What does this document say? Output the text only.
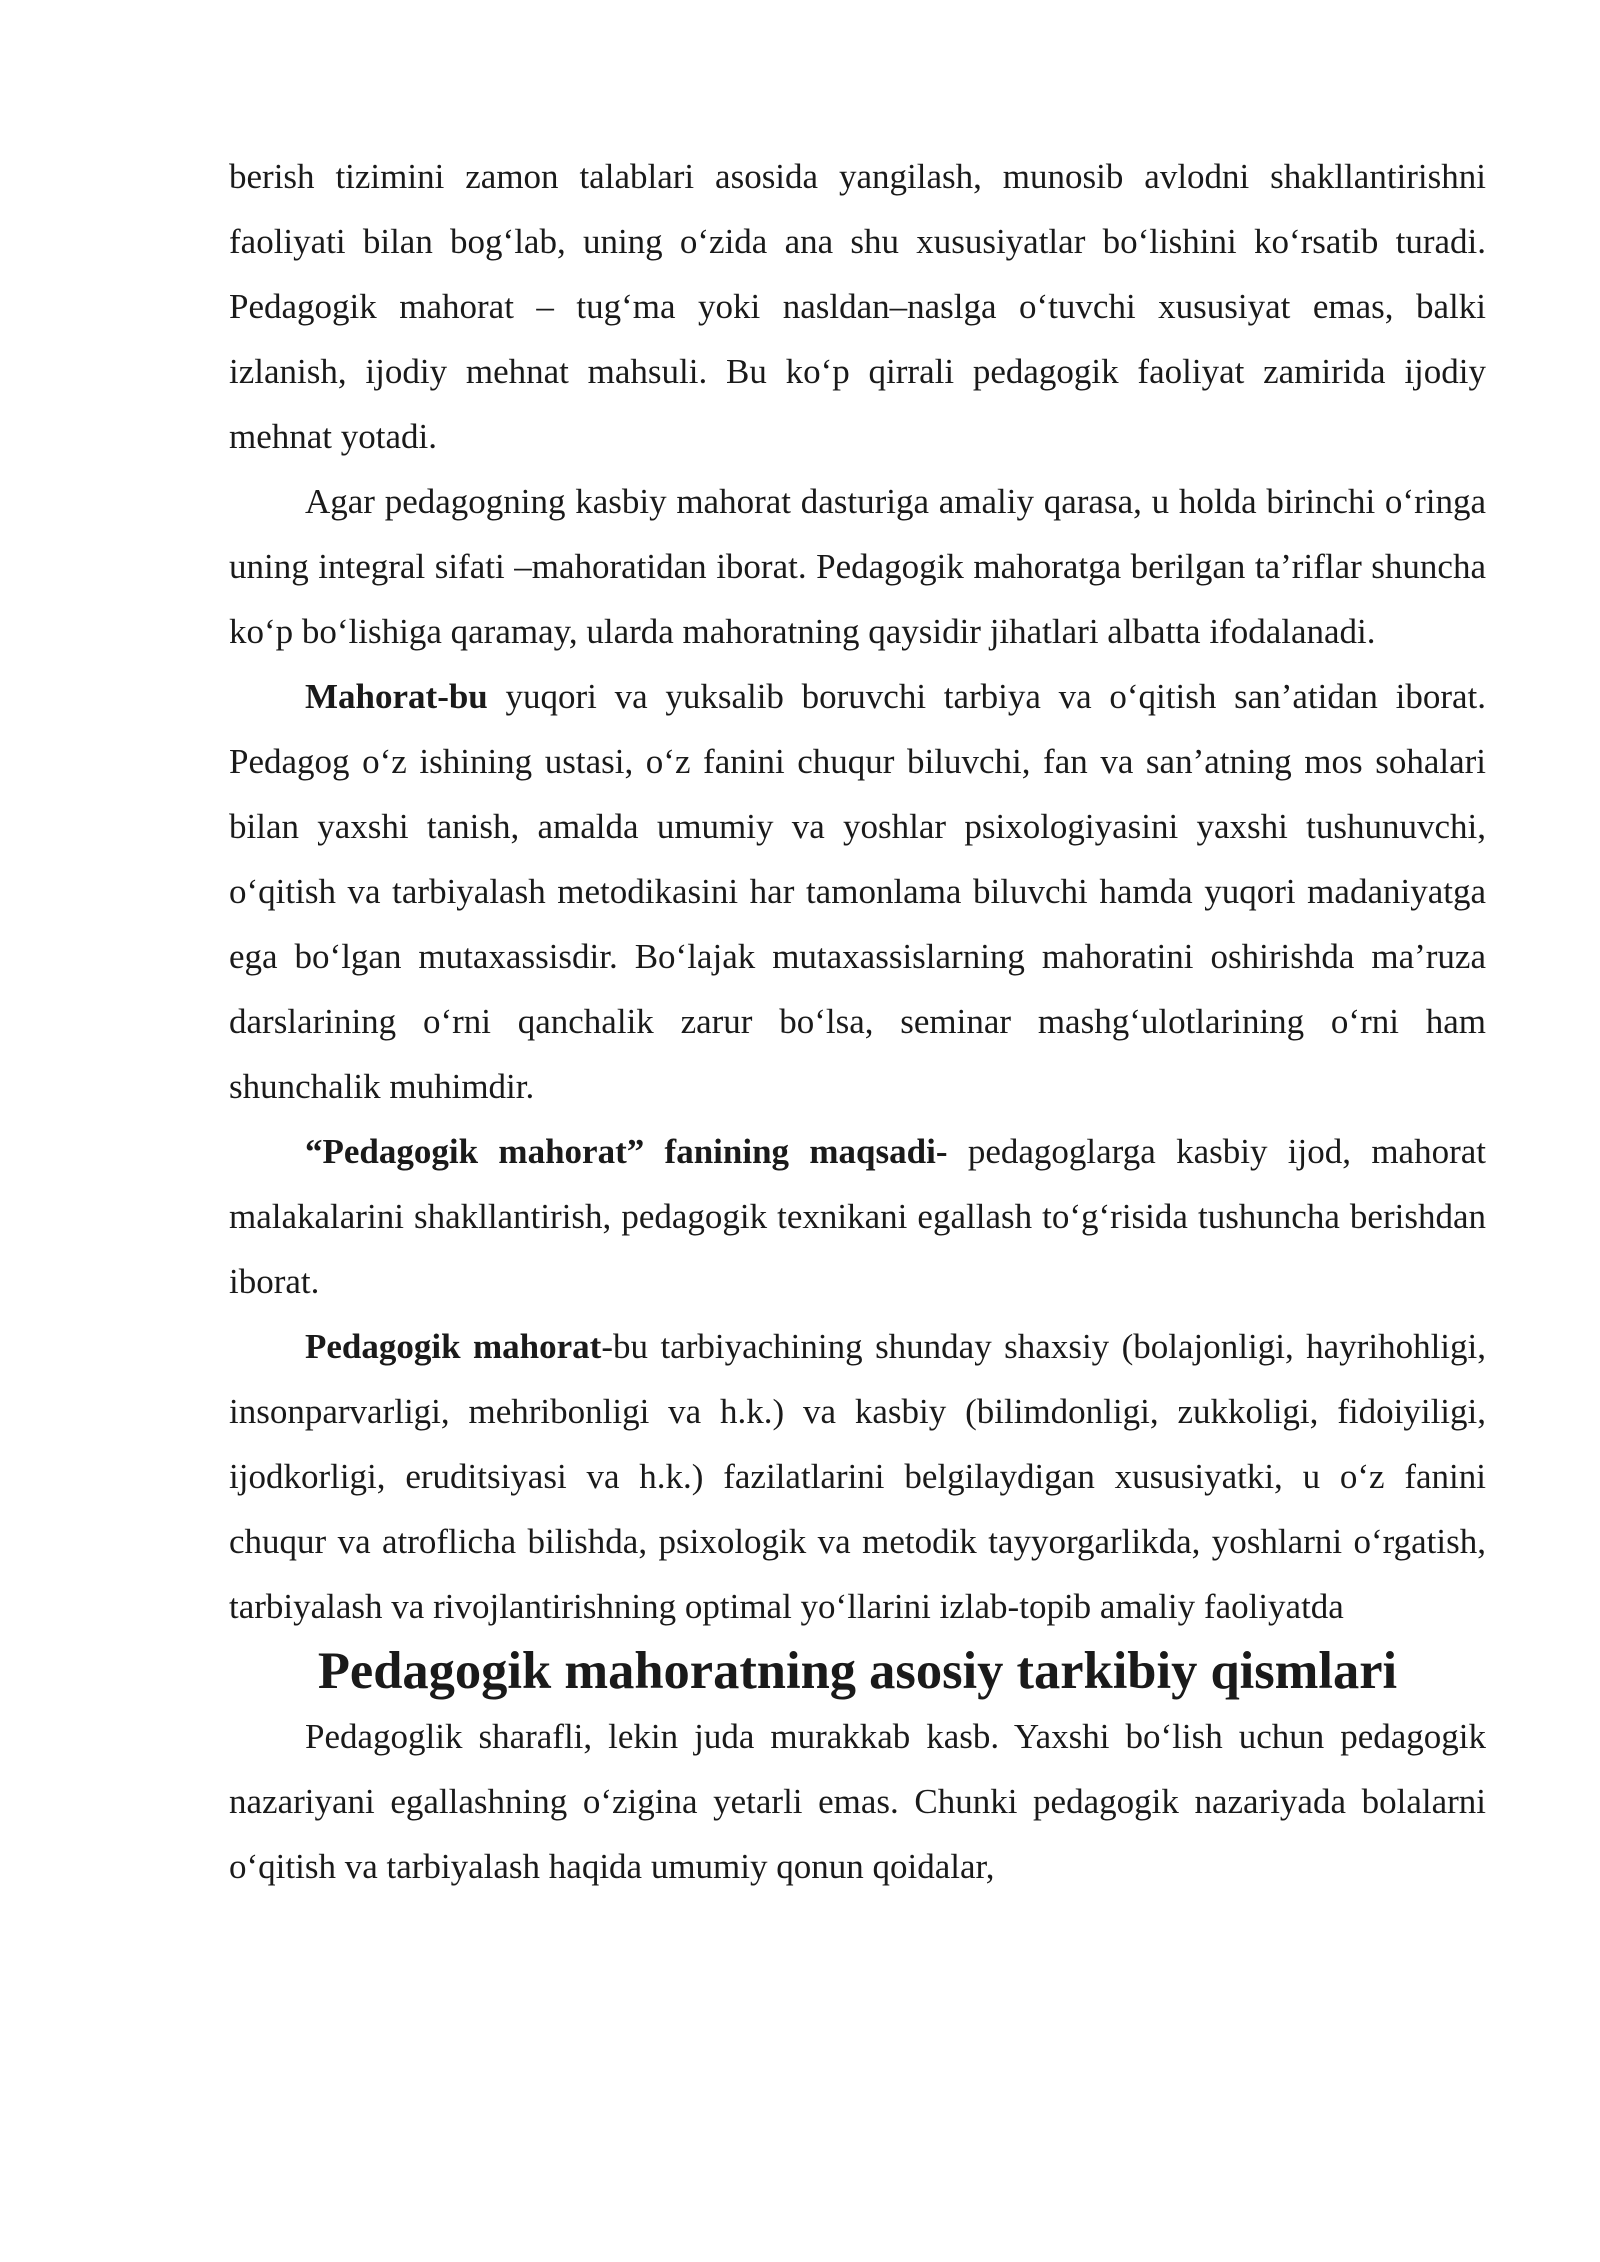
berish tizimini zamon talablari asosida yangilash, munosib avlodni shakllantirishni faoliyati bilan bog‘lab, uning o‘zida ana shu xususiyatlar bo‘lishini ko‘rsatib turadi. Pedagogik mahorat – tug‘ma yoki nasldan–naslga o‘tuvchi xususiyat emas, balki izlanish, ijodiy mehnat mahsuli. Bu ko‘p qirrali pedagogik faoliyat zamirida ijodiy mehnat yotadi.

Agar pedagogning kasbiy mahorat dasturiga amaliy qarasa, u holda birinchi o‘ringa uning integral sifati –mahoratidan iborat. Pedagogik mahoratga berilgan ta’riflar shuncha ko‘p bo‘lishiga qaramay, ularda mahoratning qaysidir jihatlari albatta ifodalanadi.

Mahorat-bu yuqori va yuksalib boruvchi tarbiya va o‘qitish san’atidan iborat. Pedagog o‘z ishining ustasi, o‘z fanini chuqur biluvchi, fan va san’atning mos sohalari bilan yaxshi tanish, amalda umumiy va yoshlar psixologiyasini yaxshi tushunuvchi, o‘qitish va tarbiyalash metodikasini har tamonlama biluvchi hamda yuqori madaniyatga ega bo‘lgan mutaxassisdir. Bo‘lajak mutaxassislarning mahoratini oshirishda ma’ruza darslarining o‘rni qanchalik zarur bo‘lsa, seminar mashg‘ulotlarining o‘rni ham shunchalik muhimdir.

“Pedagogik mahorat” fanining maqsadi- pedagoglarga kasbiy ijod, mahorat malakalarini shakllantirish, pedagogik texnikani egallash to‘g‘risida tushuncha berishdan iborat.

Pedagogik mahorat-bu tarbiyachining shunday shaxsiy (bolajonligi, hayrihohligi, insonparvarligi, mehribonligi va h.k.) va kasbiy (bilimdonligi, zukkoligi, fidoiyiligi, ijodkorligi, eruditsiyasi va h.k.) fazilatlarini belgilaydigan xususiyatki, u o‘z fanini chuqur va atroflicha bilishda, psixologik va metodik tayyorgarlikda, yoshlarni o‘rgatish, tarbiyalash va rivojlantirishning optimal yo‘llarini izlab-topib amaliy faoliyatda

Pedagogik mahoratning asosiy tarkibiy qismlari

Pedagoglik sharafli, lekin juda murakkab kasb. Yaxshi bo‘lish uchun pedagogik nazariyani egallashning o‘zigina yetarli emas. Chunki pedagogik nazariyada bolalarni o‘qitish va tarbiyalash haqida umumiy qonun qoidalar,
